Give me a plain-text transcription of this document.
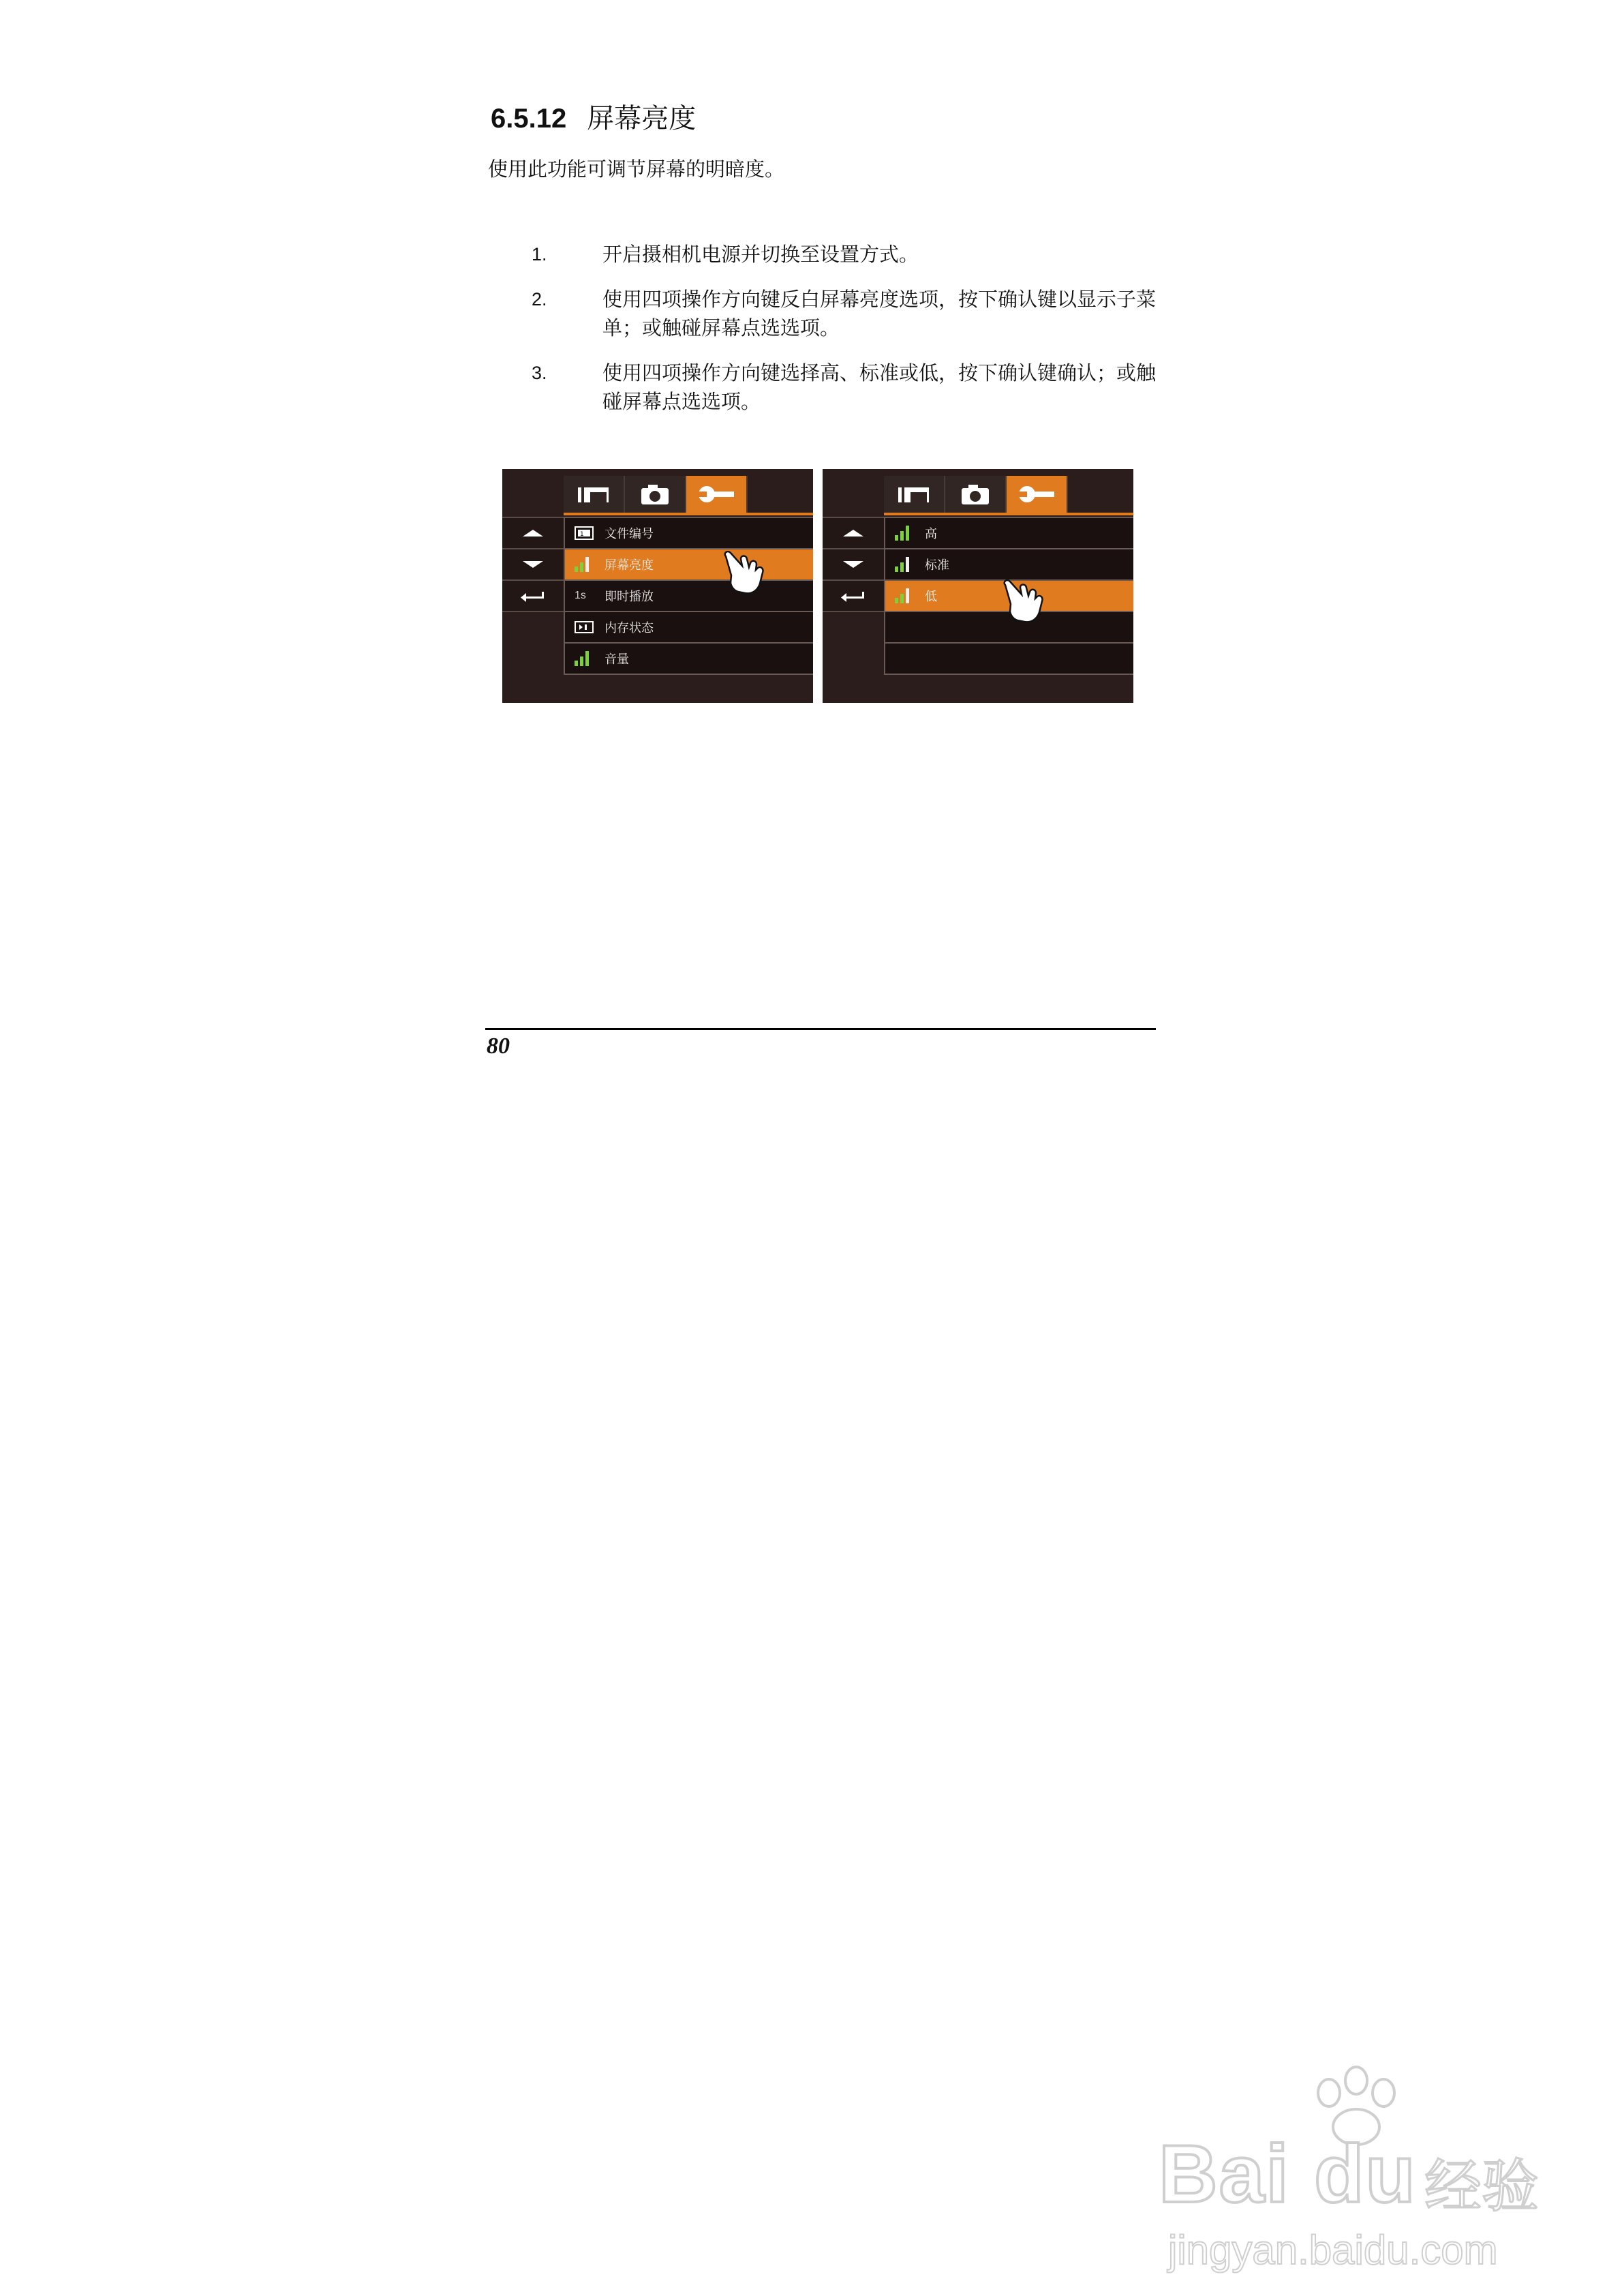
6.5.12 屏幕亮度
使用此功能可调节屏幕的明暗度。
1.	开启摄相机电源并切换至设置方式。
2.	使用四项操作方向键反白屏幕亮度选项，按下确认键以显示子菜单；或触碰屏幕点选选项。
3.	使用四项操作方向键选择高、标准或低，按下确认键确认；或触碰屏幕点选选项。
1 文件编号
屏幕亮度
1s 即时播放
内存状态
音量
高
标准
低
80
Bai du 经验
jingyan.baidu.com
